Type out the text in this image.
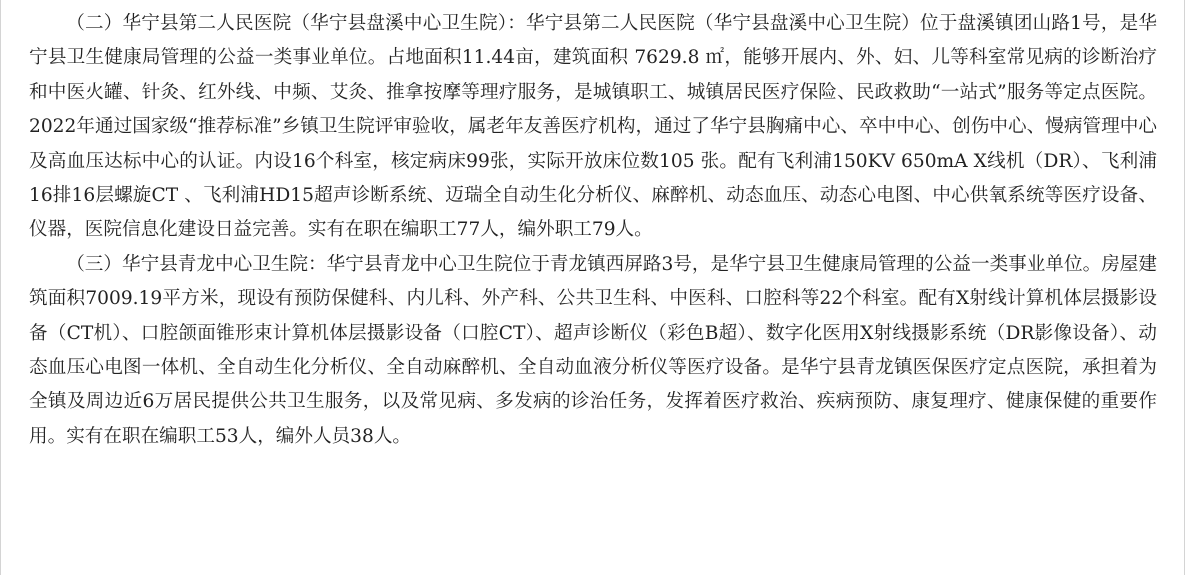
（二）华宁县第二人民医院（华宁县盘溪中心卫生院）：华宁县第二人民医院（华宁县盘溪中心卫生院）位于盘溪镇团山路1号，是华宁县卫生健康局管理的公益一类事业单位。占地面积11.44亩，建筑面积 7629.8 ㎡，能够开展内、外、妇、儿等科室常见病的诊断治疗和中医火罐、针灸、红外线、中频、艾灸、推拿按摩等理疗服务，是城镇职工、城镇居民医疗保险、民政救助“一站式”服务等定点医院。2022年通过国家级“推荐标准”乡镇卫生院评审验收，属老年友善医疗机构，通过了华宁县胸痛中心、卒中中心、创伤中心、慢病管理中心及高血压达标中心的认证。内设16个科室，核定病床99张，实际开放床位数105 张。配有飞利浦150KV 650mA X线机（DR）、飞利浦16排16层螺旋CT 、飞利浦HD15超声诊断系统、迈瑞全自动生化分析仪、麻醉机、动态血压、动态心电图、中心供氧系统等医疗设备、仪器，医院信息化建设日益完善。实有在职在编职工77人，编外职工79人。

（三）华宁县青龙中心卫生院：华宁县青龙中心卫生院位于青龙镇西屏路3号，是华宁县卫生健康局管理的公益一类事业单位。房屋建筑面积7009.19平方米，现设有预防保健科、内儿科、外产科、公共卫生科、中医科、口腔科等22个科室。配有X射线计算机体层摄影设备（CT机）、口腔颌面锥形束计算机体层摄影设备（口腔CT）、超声诊断仪（彩色B超）、数字化医用X射线摄影系统（DR影像设备）、动态血压心电图一体机、全自动生化分析仪、全自动麻醉机、全自动血液分析仪等医疗设备。是华宁县青龙镇医保医疗定点医院，承担着为全镇及周边近6万居民提供公共卫生服务，以及常见病、多发病的诊治任务，发挥着医疗救治、疾病预防、康复理疗、健康保健的重要作用。实有在职在编职工53人，编外人员38人。
